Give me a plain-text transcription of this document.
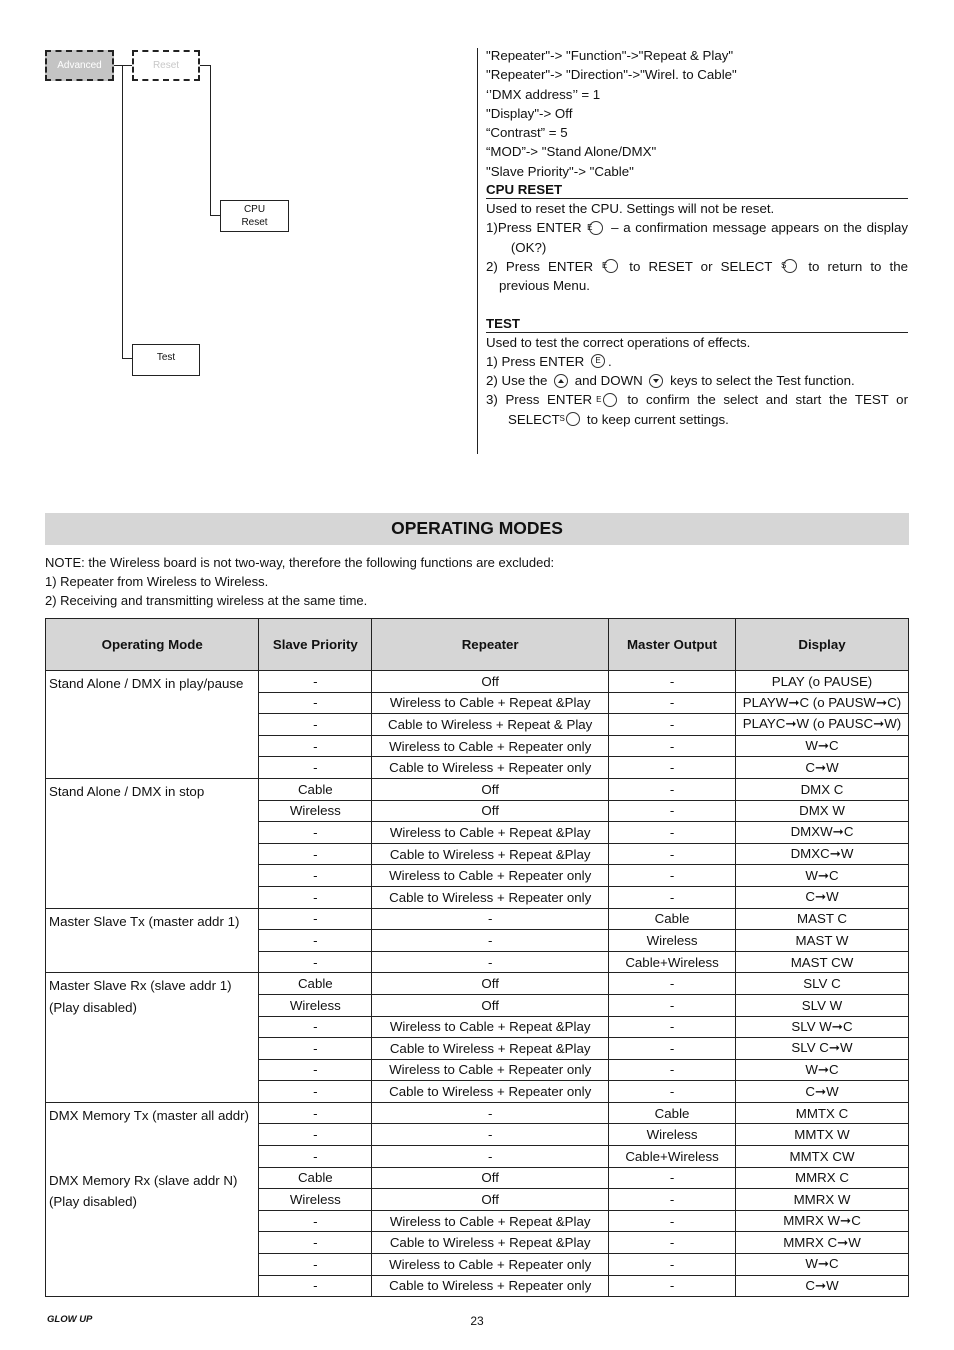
Advanced	Reset
CPU
Reset
Test

"Repeater"-> "Function"->"Repeat & Play"

"Repeater"-> "Direction"->"Wirel. to Cable"

‘’DMX address’’ = 1

"Display"-> Off

“Contrast” = 5

“MOD”-> "Stand Alone/DMX"

"Slave Priority"-> "Cable"

CPU RESET

Used to reset the CPU. Settings will not be reset.

1) Press ENTER E – a confirmation message appears on the display (OK?)
2) Press ENTER E to RESET or SELECT S to return to the previous Menu.

TEST

Used to test the correct operations of effects.

1) Press ENTER E .

2) Use the and DOWN keys to select the Test function.

3) Press ENTER E to confirm the select and start the TEST or SELECT S to keep current settings.
OPERATING MODES

NOTE: the Wireless board is not two-way, therefore the following functions are excluded:

1) Repeater from Wireless to Wireless.

2) Receiving and transmitting wireless at the same time.

Operating Mode	Slave Priority	Repeater	Master Output	Display

Stand Alone / DMX in play/pause	-	Off	-	PLAY (o PAUSE)
	-	Wireless to Cable + Repeat &Play	-	PLAYW➞C (o PAUSW➞C)
	-	Cable to Wireless + Repeat & Play	-	PLAYC➞W (o PAUSC➞W)
	-	Wireless to Cable + Repeater only	-	W➞C
	-	Cable to Wireless + Repeater only	-	C➞W

Stand Alone / DMX in stop	Cable	Off	-	DMX C
	Wireless	Off	-	DMX W
	-	Wireless to Cable + Repeat &Play	-	DMXW➞C
	-	Cable to Wireless + Repeat &Play	-	DMXC➞W
	-	Wireless to Cable + Repeater only	-	W➞C
	-	Cable to Wireless + Repeater only	-	C➞W

Master Slave Tx (master addr 1)	-	-	Cable	MAST C
	-	-	Wireless	MAST W
	-	-	Cable+Wireless	MAST CW

Master Slave Rx (slave addr 1)
(Play disabled)	Cable	Off	-	SLV C
	Wireless	Off	-	SLV W
	-	Wireless to Cable + Repeat &Play	-	SLV W➞C
	-	Cable to Wireless + Repeat &Play	-	SLV C➞W
	-	Wireless to Cable + Repeater only	-	W➞C
	-	Cable to Wireless + Repeater only	-	C➞W

DMX Memory Tx (master all addr)
DMX Memory Rx (slave addr N)
(Play disabled)	-	-	Cable	MMTX C
	-	-	Wireless	MMTX W
	-	-	Cable+Wireless	MMTX CW
	Cable	Off	-	MMRX C
	Wireless	Off	-	MMRX W
	-	Wireless to Cable + Repeat &Play	-	MMRX W➞C
	-	Cable to Wireless + Repeat &Play	-	MMRX C➞W
	-	Wireless to Cable + Repeater only	-	W➞C
	-	Cable to Wireless + Repeater only	-	C➞W
GLOW UP	23
